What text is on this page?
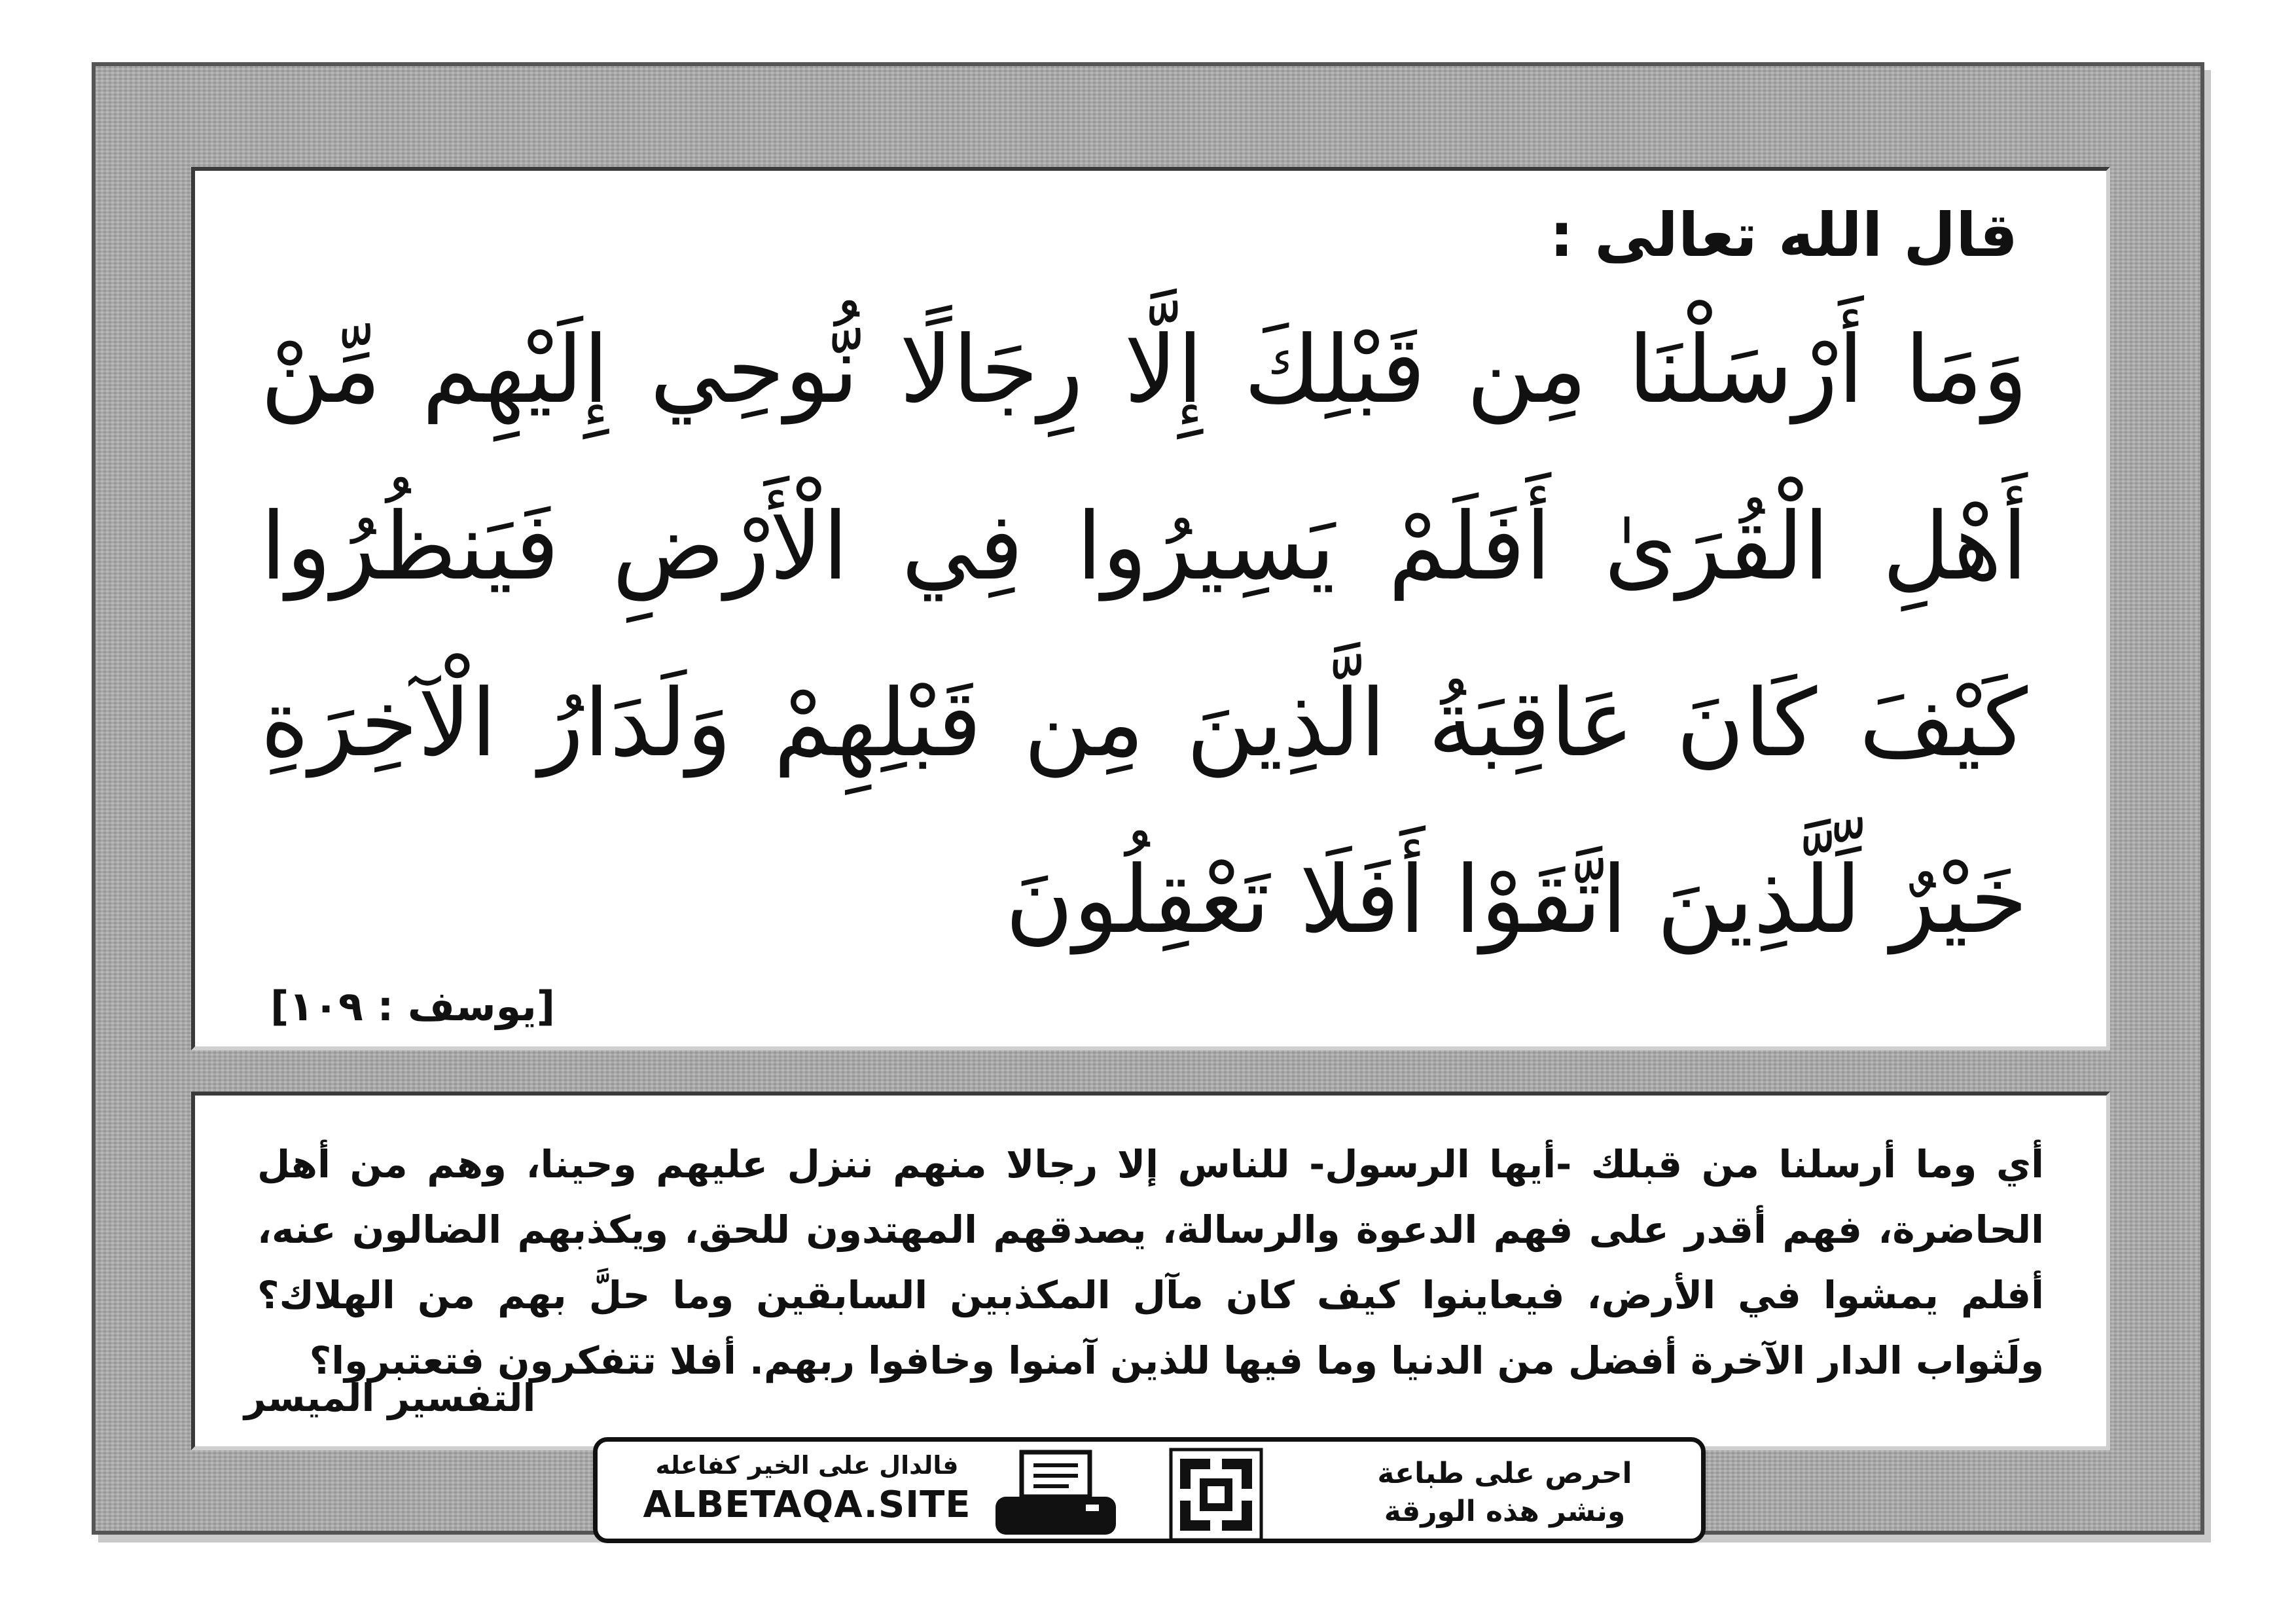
قال الله تعالى :
وَمَا أَرْسَلْنَا مِن قَبْلِكَ إِلَّا رِجَالًا نُّوحِي إِلَيْهِم مِّنْ أَهْلِ الْقُرَىٰ أَفَلَمْ يَسِيرُوا فِي الْأَرْضِ فَيَنظُرُوا كَيْفَ كَانَ عَاقِبَةُ الَّذِينَ مِن قَبْلِهِمْ وَلَدَارُ الْآخِرَةِ خَيْرٌ لِّلَّذِينَ اتَّقَوْا أَفَلَا تَعْقِلُونَ
[يوسف : ١٠٩]
أي وما أرسلنا من قبلك -أيها الرسول- للناس إلا رجالا منهم ننزل عليهم وحينا، وهم من أهل الحاضرة، فهم أقدر على فهم الدعوة والرسالة، يصدقهم المهتدون للحق، ويكذبهم الضالون عنه، أفلم يمشوا في الأرض، فيعاينوا كيف كان مآل المكذبين السابقين وما حلَّ بهم من الهلاك؟ ولَثواب الدار الآخرة أفضل من الدنيا وما فيها للذين آمنوا وخافوا ربهم. أفلا تتفكرون فتعتبروا؟
التفسير الميسر
فالدال على الخير كفاعله
ALBETAQA.SITE
احرص على طباعة
ونشر هذه الورقة
